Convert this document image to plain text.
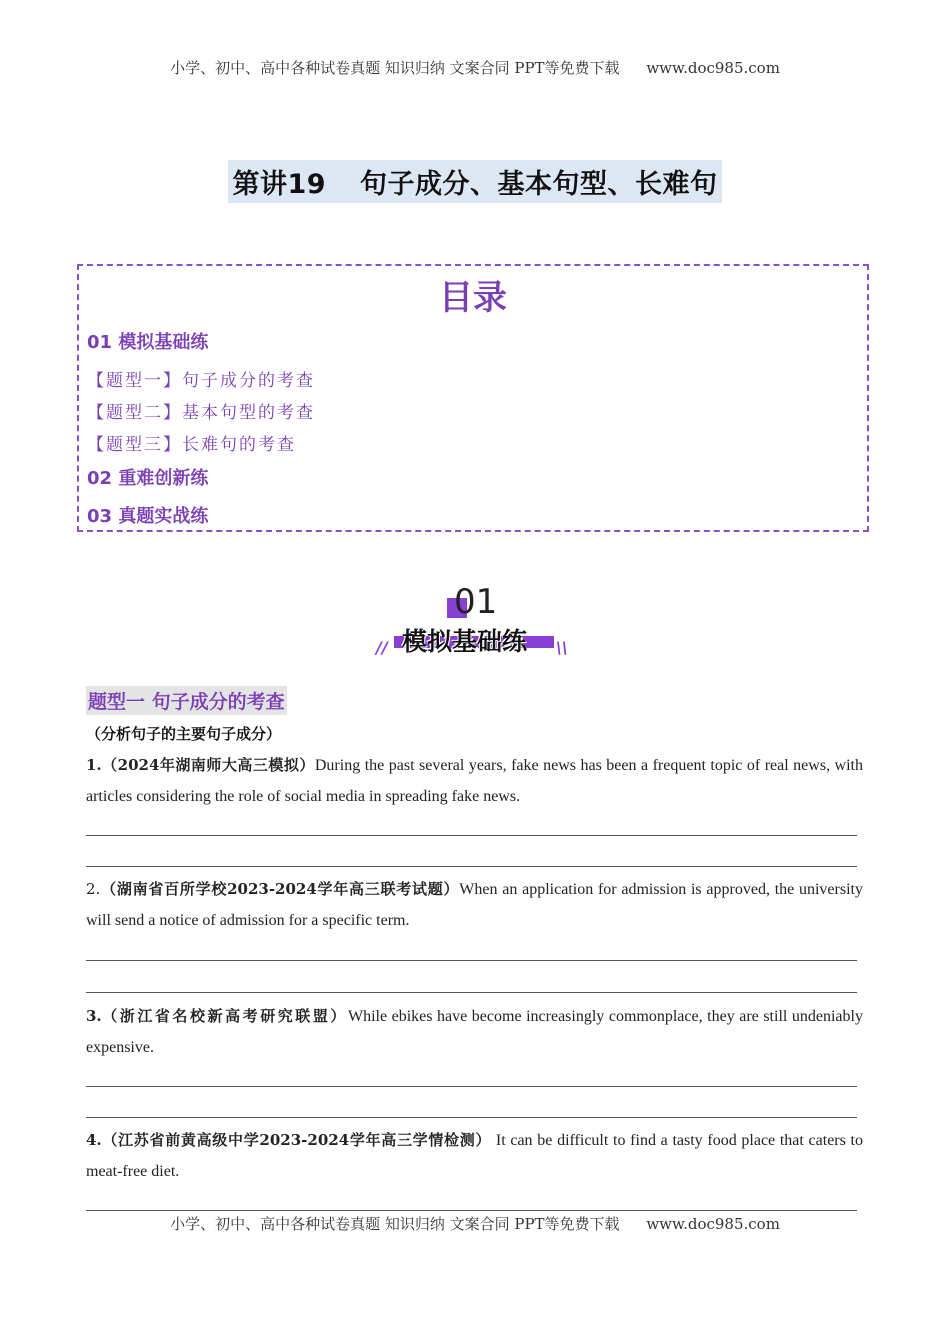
小学、初中、高中各种试卷真题 知识归纳 文案合同 PPT等免费下载 www.doc985.com
第讲19 句子成分、基本句型、长难句
目录
01 模拟基础练
【题型一】句子成分的考查
【题型二】基本句型的考查
【题型三】长难句的考查
02 重难创新练
03 真题实战练
01
模拟基础练
//	\\
题型一 句子成分的考查
（分析句子的主要句子成分）
1.（2024年湖南师大高三模拟）During the past several years, fake news has been a frequent topic of real news, with articles considering the role of social media in spreading fake news.
2.（湖南省百所学校2023-2024学年高三联考试题）When an application for admission is approved, the university will send a notice of admission for a specific term.
3.（浙江省名校新高考研究联盟）While ebikes have become increasingly commonplace, they are still undeniably expensive.
4.（江苏省前黄高级中学2023-2024学年高三学情检测） It can be difficult to find a tasty food place that caters to meat-free diet.
小学、初中、高中各种试卷真题 知识归纳 文案合同 PPT等免费下载 www.doc985.com
